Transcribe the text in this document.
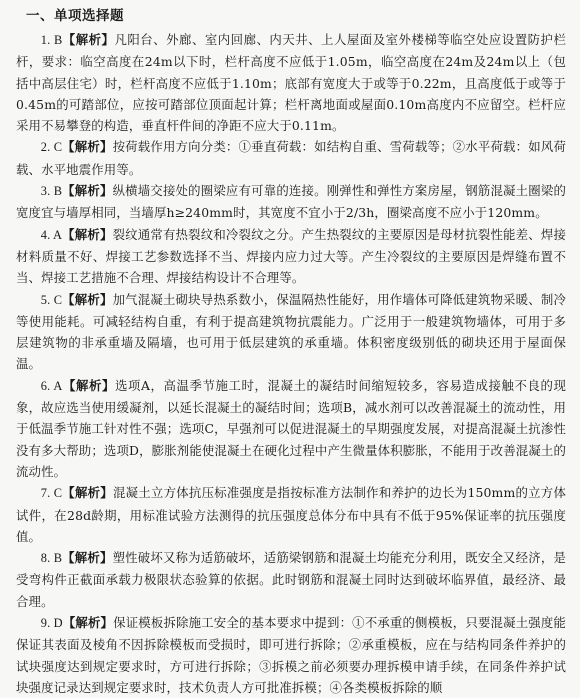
一、单项选择题

1. B【解析】凡阳台、外廊、室内回廊、内天井、上人屋面及室外楼梯等临空处应设置防护栏杆，要求：临空高度在24m以下时，栏杆高度不应低于1.05m，临空高度在24m及24m以上（包括中高层住宅）时，栏杆高度不应低于1.10m；底部有宽度大于或等于0.22m，且高度低于或等于0.45m的可踏部位，应按可踏部位顶面起计算；栏杆离地面或屋面0.10m高度内不应留空。栏杆应采用不易攀登的构造，垂直杆件间的净距不应大于0.11m。

2. C【解析】按荷载作用方向分类：①垂直荷载：如结构自重、雪荷载等；②水平荷载：如风荷载、水平地震作用等。

3. B【解析】纵横墙交接处的圈梁应有可靠的连接。刚弹性和弹性方案房屋，钢筋混凝土圈梁的宽度宜与墙厚相同，当墙厚h≥240mm时，其宽度不宜小于2/3h，圈梁高度不应小于120mm。

4. A【解析】裂纹通常有热裂纹和冷裂纹之分。产生热裂纹的主要原因是母材抗裂性能差、焊接材料质量不好、焊接工艺参数选择不当、焊接内应力过大等。产生冷裂纹的主要原因是焊缝布置不当、焊接工艺措施不合理、焊接结构设计不合理等。

5. C【解析】加气混凝土砌块导热系数小，保温隔热性能好，用作墙体可降低建筑物采暖、制冷等使用能耗。可减轻结构自重，有利于提高建筑物抗震能力。广泛用于一般建筑物墙体，可用于多层建筑物的非承重墙及隔墙，也可用于低层建筑的承重墙。体积密度级别低的砌块还用于屋面保温。

6. A【解析】选项A，高温季节施工时，混凝土的凝结时间缩短较多，容易造成接触不良的现象，故应选当使用缓凝剂，以延长混凝土的凝结时间；选项B，减水剂可以改善混凝土的流动性，用于低温季节施工针对性不强；选项C，早强剂可以促进混凝土的早期强度发展，对提高混凝土抗渗性没有多大帮助；选项D，膨胀剂能使混凝土在硬化过程中产生微量体积膨胀，不能用于改善混凝土的流动性。

7. C【解析】混凝土立方体抗压标准强度是指按标准方法制作和养护的边长为150mm的立方体试件，在28d龄期，用标准试验方法测得的抗压强度总体分布中具有不低于95%保证率的抗压强度值。

8. B【解析】塑性破坏又称为适筋破坏，适筋梁钢筋和混凝土均能充分利用，既安全又经济，是受弯构件正截面承载力极限状态验算的依据。此时钢筋和混凝土同时达到破坏临界值，最经济、最合理。

9. D【解析】保证模板拆除施工安全的基本要求中提到：①不承重的侧模板，只要混凝土强度能保证其表面及棱角不因拆除模板而受损时，即可进行拆除；②承重模板，应在与结构同条件养护的试块强度达到规定要求时，方可进行拆除；③拆模之前必须要办理拆模申请手续，在同条件养护试块强度记录达到规定要求时，技术负责人方可批准拆模；④各类模板拆除的顺
